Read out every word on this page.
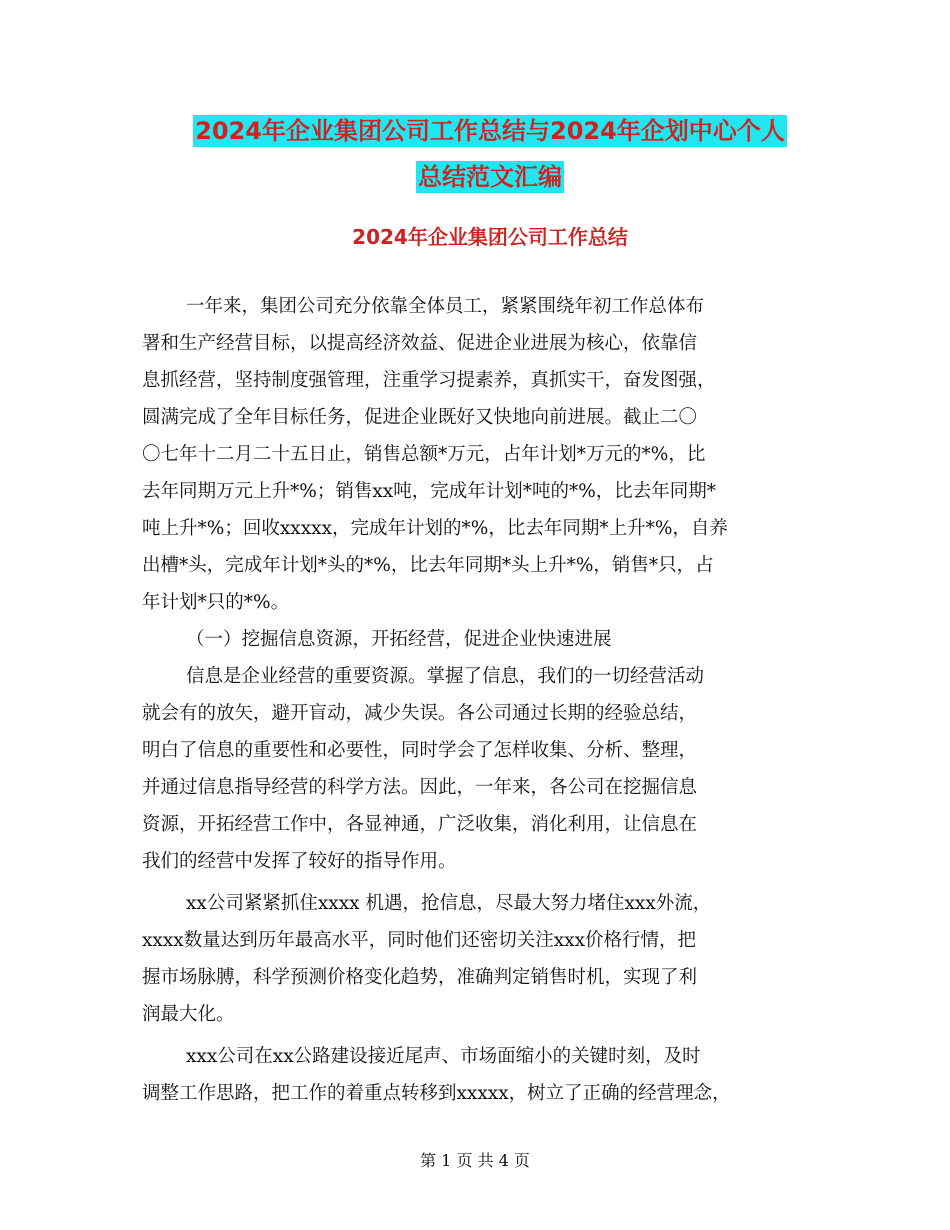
2024年企业集团公司工作总结与2024年企划中心个人
总结范文汇编
2024年企业集团公司工作总结
一年来，集团公司充分依靠全体员工，紧紧围绕年初工作总体布
署和生产经营目标，以提高经济效益、促进企业进展为核心，依靠信
息抓经营，坚持制度强管理，注重学习提素养，真抓实干，奋发图强，
圆满完成了全年目标任务，促进企业既好又快地向前进展。截止二〇
〇七年十二月二十五日止，销售总额*万元，占年计划*万元的*%，比
去年同期万元上升*%；销售xx吨，完成年计划*吨的*%，比去年同期*
吨上升*%；回收xxxxx，完成年计划的*%，比去年同期*上升*%，自养
出槽*头，完成年计划*头的*%，比去年同期*头上升*%，销售*只，占
年计划*只的*%。
（一）挖掘信息资源，开拓经营，促进企业快速进展
信息是企业经营的重要资源。掌握了信息，我们的一切经营活动
就会有的放矢，避开盲动，减少失误。各公司通过长期的经验总结，
明白了信息的重要性和必要性，同时学会了怎样收集、分析、整理，
并通过信息指导经营的科学方法。因此，一年来，各公司在挖掘信息
资源，开拓经营工作中，各显神通，广泛收集，消化利用，让信息在
我们的经营中发挥了较好的指导作用。
xx公司紧紧抓住xxxx 机遇，抢信息，尽最大努力堵住xxx外流，
xxxx数量达到历年最高水平，同时他们还密切关注xxx价格行情，把
握市场脉膊，科学预测价格变化趋势，准确判定销售时机，实现了利
润最大化。
xxx公司在xx公路建设接近尾声、市场面缩小的关键时刻，及时
调整工作思路，把工作的着重点转移到xxxxx，树立了正确的经营理念，
第 1 页 共 4 页
